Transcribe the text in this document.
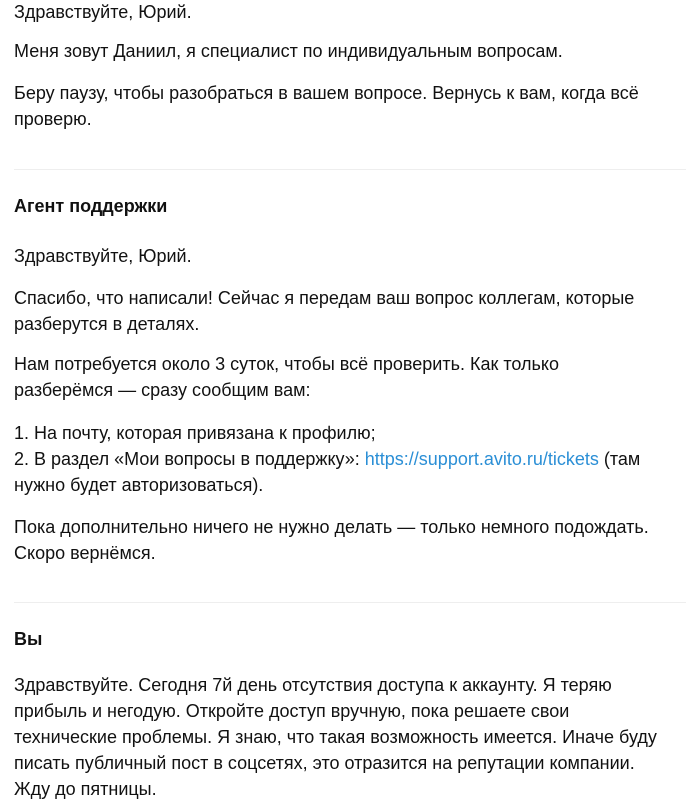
Здравствуйте, Юрий.

Меня зовут Даниил, я специалист по индивидуальным вопросам.

Беру паузу, чтобы разобраться в вашем вопросе. Вернусь к вам, когда всё проверю.

Агент поддержки

Здравствуйте, Юрий.

Спасибо, что написали! Сейчас я передам ваш вопрос коллегам, которые разберутся в деталях.

Нам потребуется около 3 суток, чтобы всё проверить. Как только разберёмся — сразу сообщим вам:

1. На почту, которая привязана к профилю;

2. В раздел «Мои вопросы в поддержку»: https://support.avito.ru/tickets (там нужно будет авторизоваться).

Пока дополнительно ничего не нужно делать — только немного подождать. Скоро вернёмся.

Вы

Здравствуйте. Сегодня 7й день отсутствия доступа к аккаунту. Я теряю прибыль и негодую. Откройте доступ вручную, пока решаете свои технические проблемы. Я знаю, что такая возможность имеется. Иначе буду писать публичный пост в соцсетях, это отразится на репутации компании. Жду до пятницы.
